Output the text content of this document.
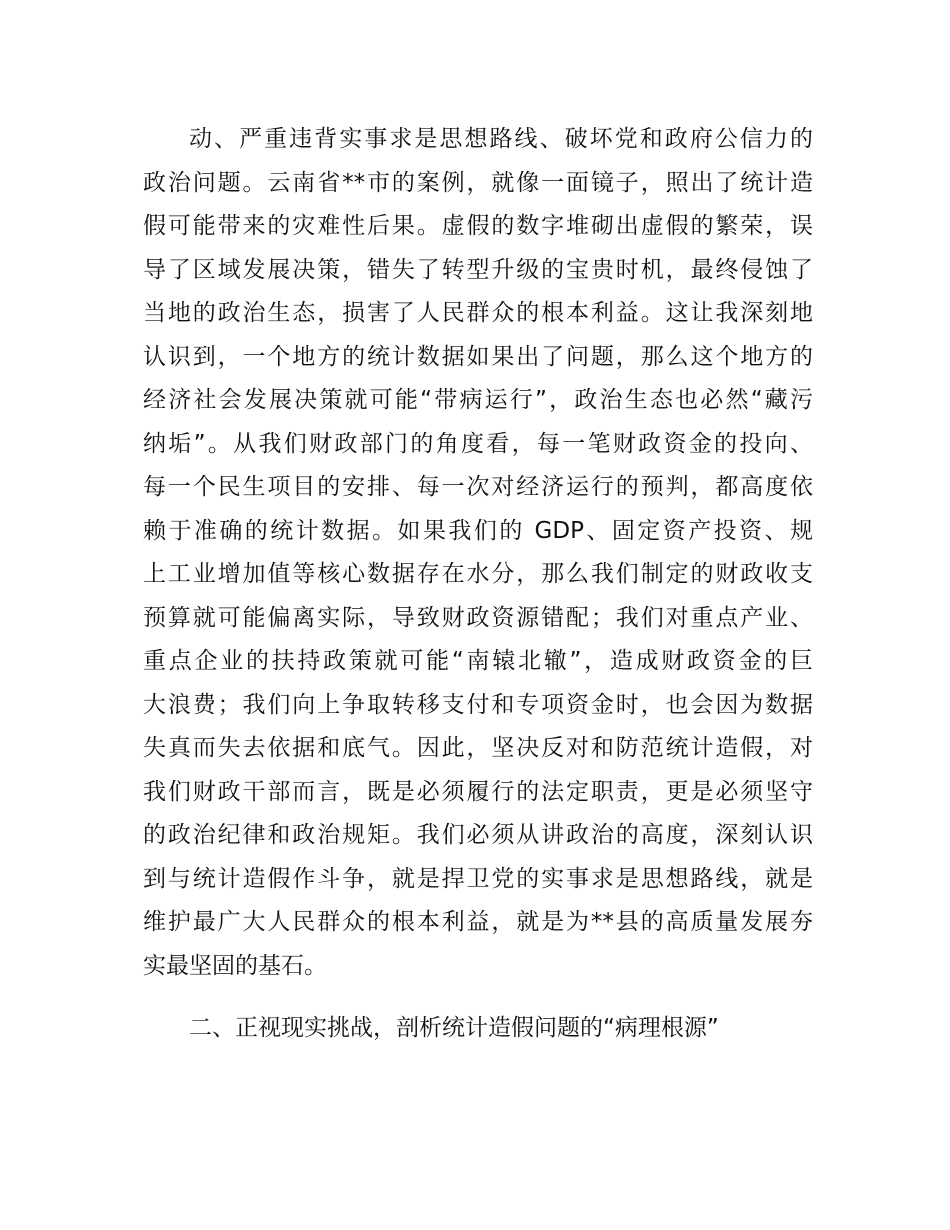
动、严重违背实事求是思想路线、破坏党和政府公信力的
政治问题。云南省**市的案例，就像一面镜子，照出了统计造
假可能带来的灾难性后果。虚假的数字堆砌出虚假的繁荣，误
导了区域发展决策，错失了转型升级的宝贵时机，最终侵蚀了
当地的政治生态，损害了人民群众的根本利益。这让我深刻地
认识到，一个地方的统计数据如果出了问题，那么这个地方的
经济社会发展决策就可能“带病运行”，政治生态也必然“藏污
纳垢”。从我们财政部门的角度看，每一笔财政资金的投向、
每一个民生项目的安排、每一次对经济运行的预判，都高度依
赖于准确的统计数据。如果我们的 GDP、固定资产投资、规
上工业增加值等核心数据存在水分，那么我们制定的财政收支
预算就可能偏离实际，导致财政资源错配；我们对重点产业、
重点企业的扶持政策就可能“南辕北辙”，造成财政资金的巨
大浪费；我们向上争取转移支付和专项资金时，也会因为数据
失真而失去依据和底气。因此，坚决反对和防范统计造假，对
我们财政干部而言，既是必须履行的法定职责，更是必须坚守
的政治纪律和政治规矩。我们必须从讲政治的高度，深刻认识
到与统计造假作斗争，就是捍卫党的实事求是思想路线，就是
维护最广大人民群众的根本利益，就是为**县的高质量发展夯
实最坚固的基石。
二、正视现实挑战，剖析统计造假问题的“病理根源”
